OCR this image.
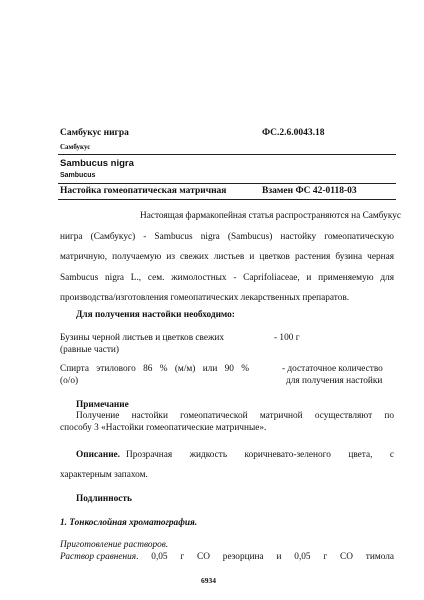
Самбукус нигра	ФС.2.6.0043.18
Самбукус
Sambucus nigra
Sambucus
Настойка гомеопатическая матричная	Взамен ФС 42-0118-03
Настоящая фармакопейная статья распространяются на Самбукус
нигра (Самбукус) - Sambucus nigra (Sambucus) настойку гомеопатическую
матричную, получаемую из свежих листьев и цветков растения бузина черная
Sambucus nigra L., сем. жимолостных - Caprifoliaceae, и применяемую для
производства/изготовления гомеопатических лекарственных препаратов.
Для получения настойки необходимо:
Бузины черной листьев и цветков свежих
(равные части)
- 100 г
Спирта этилового 86 % (м/м) или 90 %
(о/о)
- достаточное количество
для получения настойки
Примечание
Получение настойки гомеопатической матричной осуществляют по
способу 3 «Настойки гомеопатические матричные».
Описание. Прозрачная жидкость коричневато-зеленого цвета, с
характерным запахом.
Подлинность
1. Тонкослойная хроматография.
Приготовление растворов.
Раствор сравнения . 0,05 г СО резорцина и 0,05 г СО тимола
6934
